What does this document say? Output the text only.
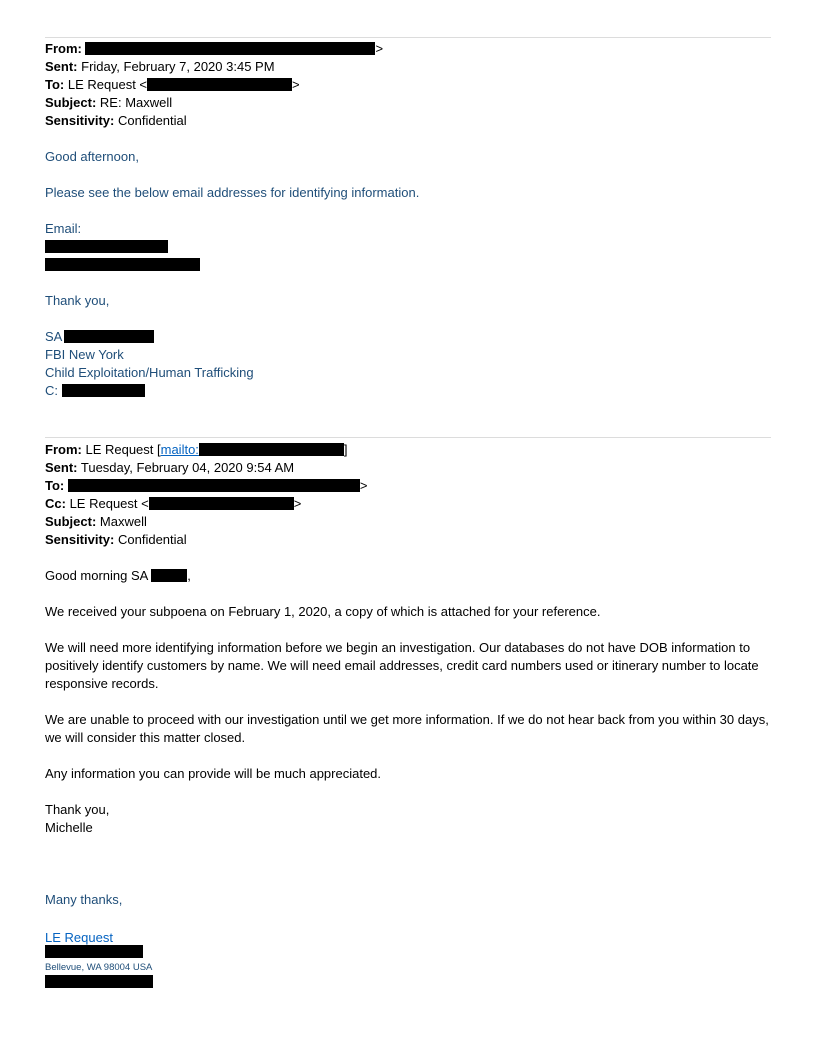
From:	>
Sent: Friday, February 7, 2020 3:45 PM
To: LE Request <	>
Subject: RE: Maxwell
Sensitivity: Confidential
Good afternoon,
Please see the below email addresses for identifying information.
Email:
Thank you,
SA
FBI New York
Child Exploitation/Human Trafficking
C:
From: LE Request [mailto:	]
Sent: Tuesday, February 04, 2020 9:54 AM
To:	>
Cc: LE Request <	>
Subject: Maxwell
Sensitivity: Confidential
Good morning SA	,
We received your subpoena on February 1, 2020, a copy of which is attached for your reference.
We will need more identifying information before we begin an investigation. Our databases do not have DOB information to positively identify customers by name. We will need email addresses, credit card numbers used or itinerary number to locate responsive records.
We are unable to proceed with our investigation until we get more information. If we do not hear back from you within 30 days, we will consider this matter closed.
Any information you can provide will be much appreciated.
Thank you,
Michelle
Many thanks,
LE Request
Bellevue, WA 98004 USA
